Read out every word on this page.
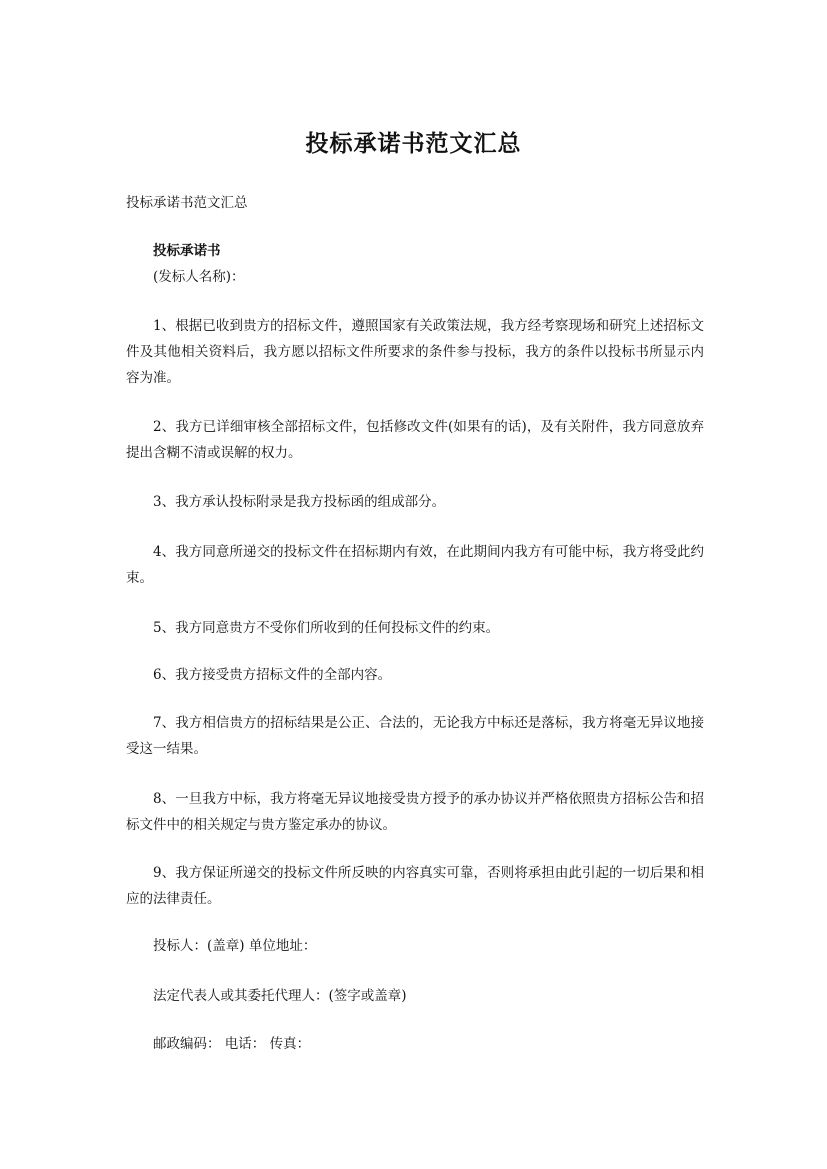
投标承诺书范文汇总
投标承诺书范文汇总
投标承诺书
(发标人名称)：
1、根据已收到贵方的招标文件，遵照国家有关政策法规，我方经考察现场和研究上述招标文件及其他相关资料后，我方愿以招标文件所要求的条件参与投标，我方的条件以投标书所显示内容为准。
2、我方已详细审核全部招标文件，包括修改文件(如果有的话)，及有关附件，我方同意放弃提出含糊不清或误解的权力。
3、我方承认投标附录是我方投标函的组成部分。
4、我方同意所递交的投标文件在招标期内有效，在此期间内我方有可能中标，我方将受此约束。
5、我方同意贵方不受你们所收到的任何投标文件的约束。
6、我方接受贵方招标文件的全部内容。
7、我方相信贵方的招标结果是公正、合法的，无论我方中标还是落标，我方将毫无异议地接受这一结果。
8、一旦我方中标，我方将毫无异议地接受贵方授予的承办协议并严格依照贵方招标公告和招标文件中的相关规定与贵方鉴定承办的协议。
9、我方保证所递交的投标文件所反映的内容真实可靠，否则将承担由此引起的一切后果和相应的法律责任。
投标人：(盖章) 单位地址：
法定代表人或其委托代理人：(签字或盖章)
邮政编码： 电话： 传真：
